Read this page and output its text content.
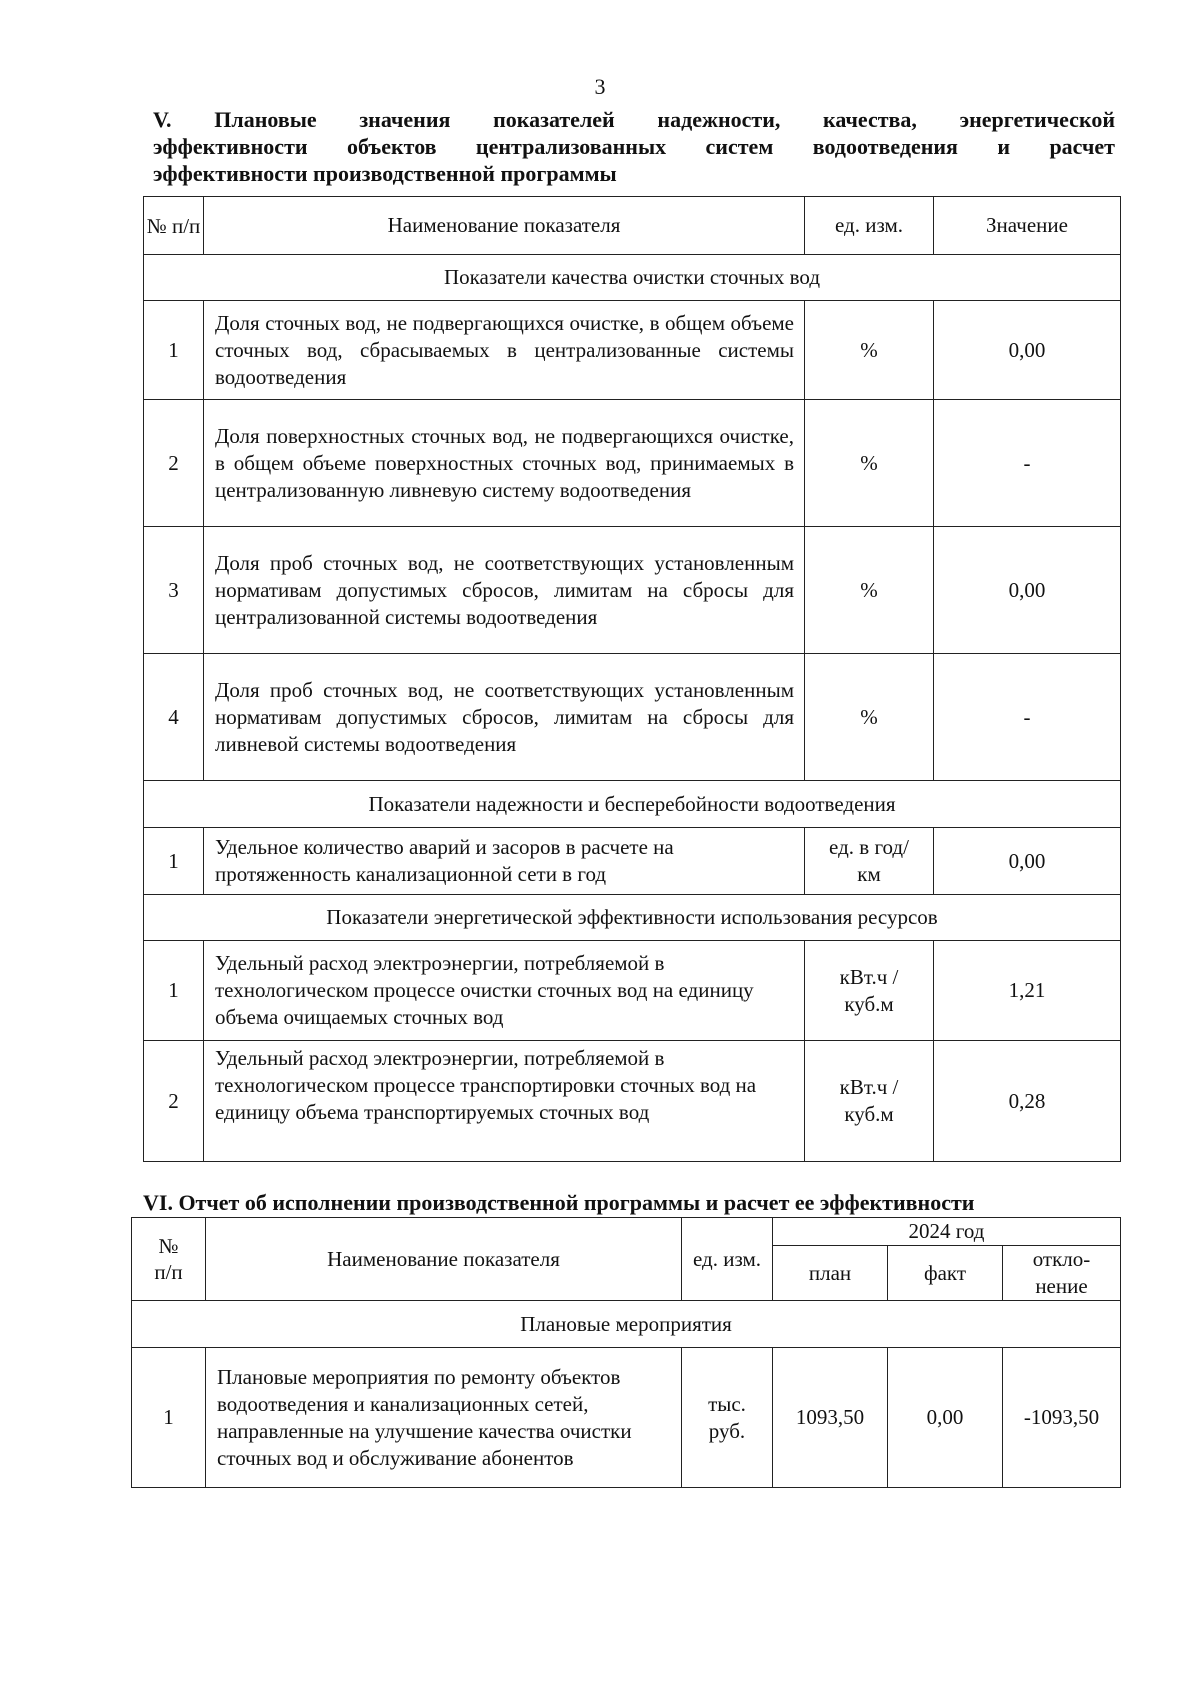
3
V. Плановые значения показателей надежности, качества, энергетической
эффективности объектов централизованных систем водоотведения и расчет
эффективности производственной программы
№ п/п	Наименование показателя	ед. изм.	Значение
Показатели качества очистки сточных вод			
1	Доля сточных вод, не подвергающихся очистке, в общем объеме сточных вод, сбрасываемых в централизованные системы водоотведения	%	0,00
2	Доля поверхностных сточных вод, не подвергающихся очистке, в общем объеме поверхностных сточных вод, принимаемых в централизованную ливневую систему водоотведения	%	-
3	Доля проб сточных вод, не соответствующих установленным нормативам допустимых сбросов, лимитам на сбросы для централизованной системы водоотведения	%	0,00
4	Доля проб сточных вод, не соответствующих установленным нормативам допустимых сбросов, лимитам на сбросы для ливневой системы водоотведения	%	-
Показатели надежности и бесперебойности водоотведения			
1	Удельное количество аварий и засоров в расчете на протяженность канализационной сети в год	ед. в год/ км	0,00
Показатели энергетической эффективности использования ресурсов			
1	Удельный расход электроэнергии, потребляемой в технологическом процессе очистки сточных вод на единицу объема очищаемых сточных вод	кВт.ч / куб.м	1,21
2	Удельный расход электроэнергии, потребляемой в технологическом процессе транспортировки сточных вод на единицу объема транспортируемых сточных вод	кВт.ч / куб.м	0,28
VI. Отчет об исполнении производственной программы и расчет ее эффективности
№ п/п	Наименование показателя	ед. изм.	2024 год		
			план	факт	откло- нение
Плановые мероприятия					
1	Плановые мероприятия по ремонту объектов водоотведения и канализационных сетей, направленные на улучшение качества очистки сточных вод и обслуживание абонентов	тыс. руб.	1093,50	0,00	-1093,50
